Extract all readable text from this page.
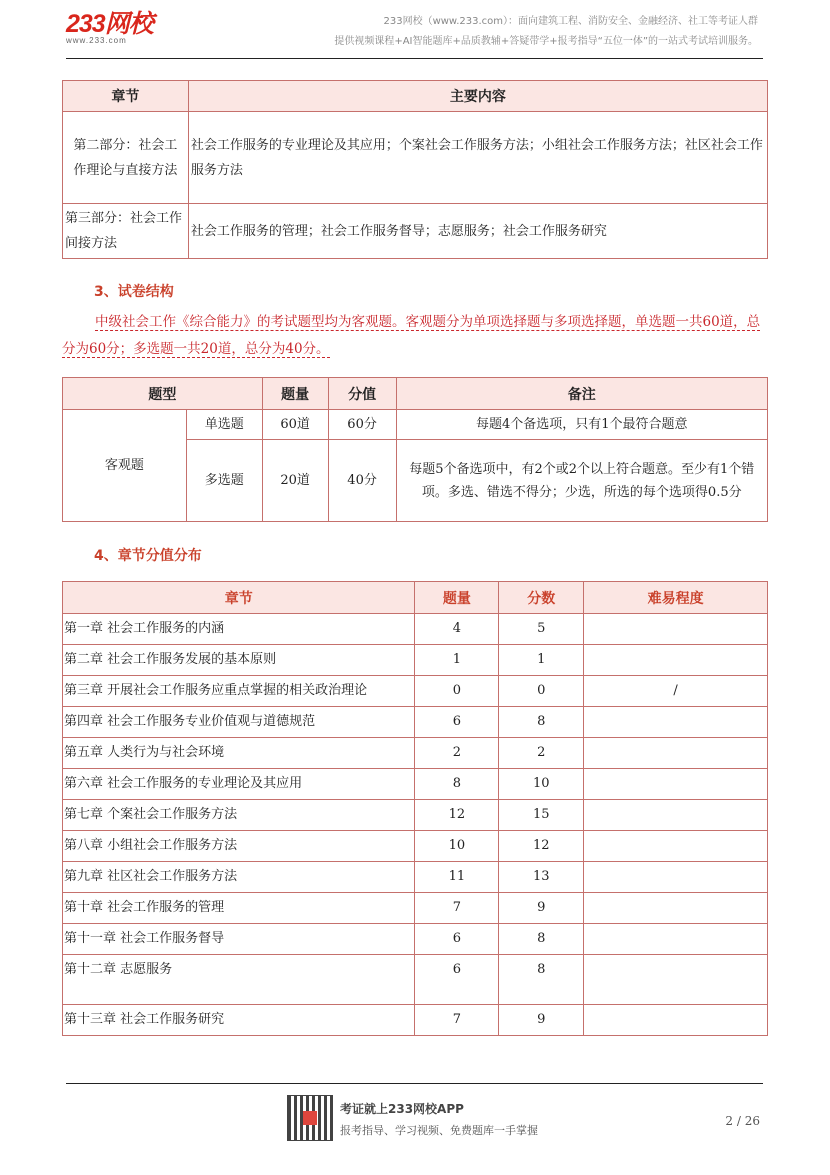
233网校
www.233.com
233网校（www.233.com）：面向建筑工程、消防安全、金融经济、社工等考证人群
提供视频课程+AI智能题库+品质教辅+答疑带学+报考指导“五位一体”的一站式考试培训服务。
章节	主要内容
第二部分：社会工作理论与直接方法	社会工作服务的专业理论及其应用；个案社会工作服务方法；小组社会工作服务方法；社区社会工作服务方法
第三部分：社会工作间接方法	社会工作服务的管理；社会工作服务督导；志愿服务；社会工作服务研究
3、试卷结构
中级社会工作《综合能力》的考试题型均为客观题。客观题分为单项选择题与多项选择题，单选题一共60道，总分为60分；多选题一共20道，总分为40分。
题型		题量	分值	备注
客观题	单选题	60道	60分	每题4个备选项，只有1个最符合题意
	多选题	20道	40分	每题5个备选项中，有2个或2个以上符合题意。至少有1个错项。多选、错选不得分；少选，所选的每个选项得0.5分
4、章节分值分布
章节	题量	分数	难易程度
第一章 社会工作服务的内涵	4	5	
第二章 社会工作服务发展的基本原则	1	1	
第三章 开展社会工作服务应重点掌握的相关政治理论	0	0	/
第四章 社会工作服务专业价值观与道德规范	6	8	
第五章 人类行为与社会环境	2	2	
第六章 社会工作服务的专业理论及其应用	8	10	
第七章 个案社会工作服务方法	12	15	
第八章 小组社会工作服务方法	10	12	
第九章 社区社会工作服务方法	11	13	
第十章 社会工作服务的管理	7	9	
第十一章 社会工作服务督导	6	8	
第十二章 志愿服务	6	8	
第十三章 社会工作服务研究	7	9	
考证就上233网校APP
报考指导、学习视频、免费题库一手掌握
2 / 26
